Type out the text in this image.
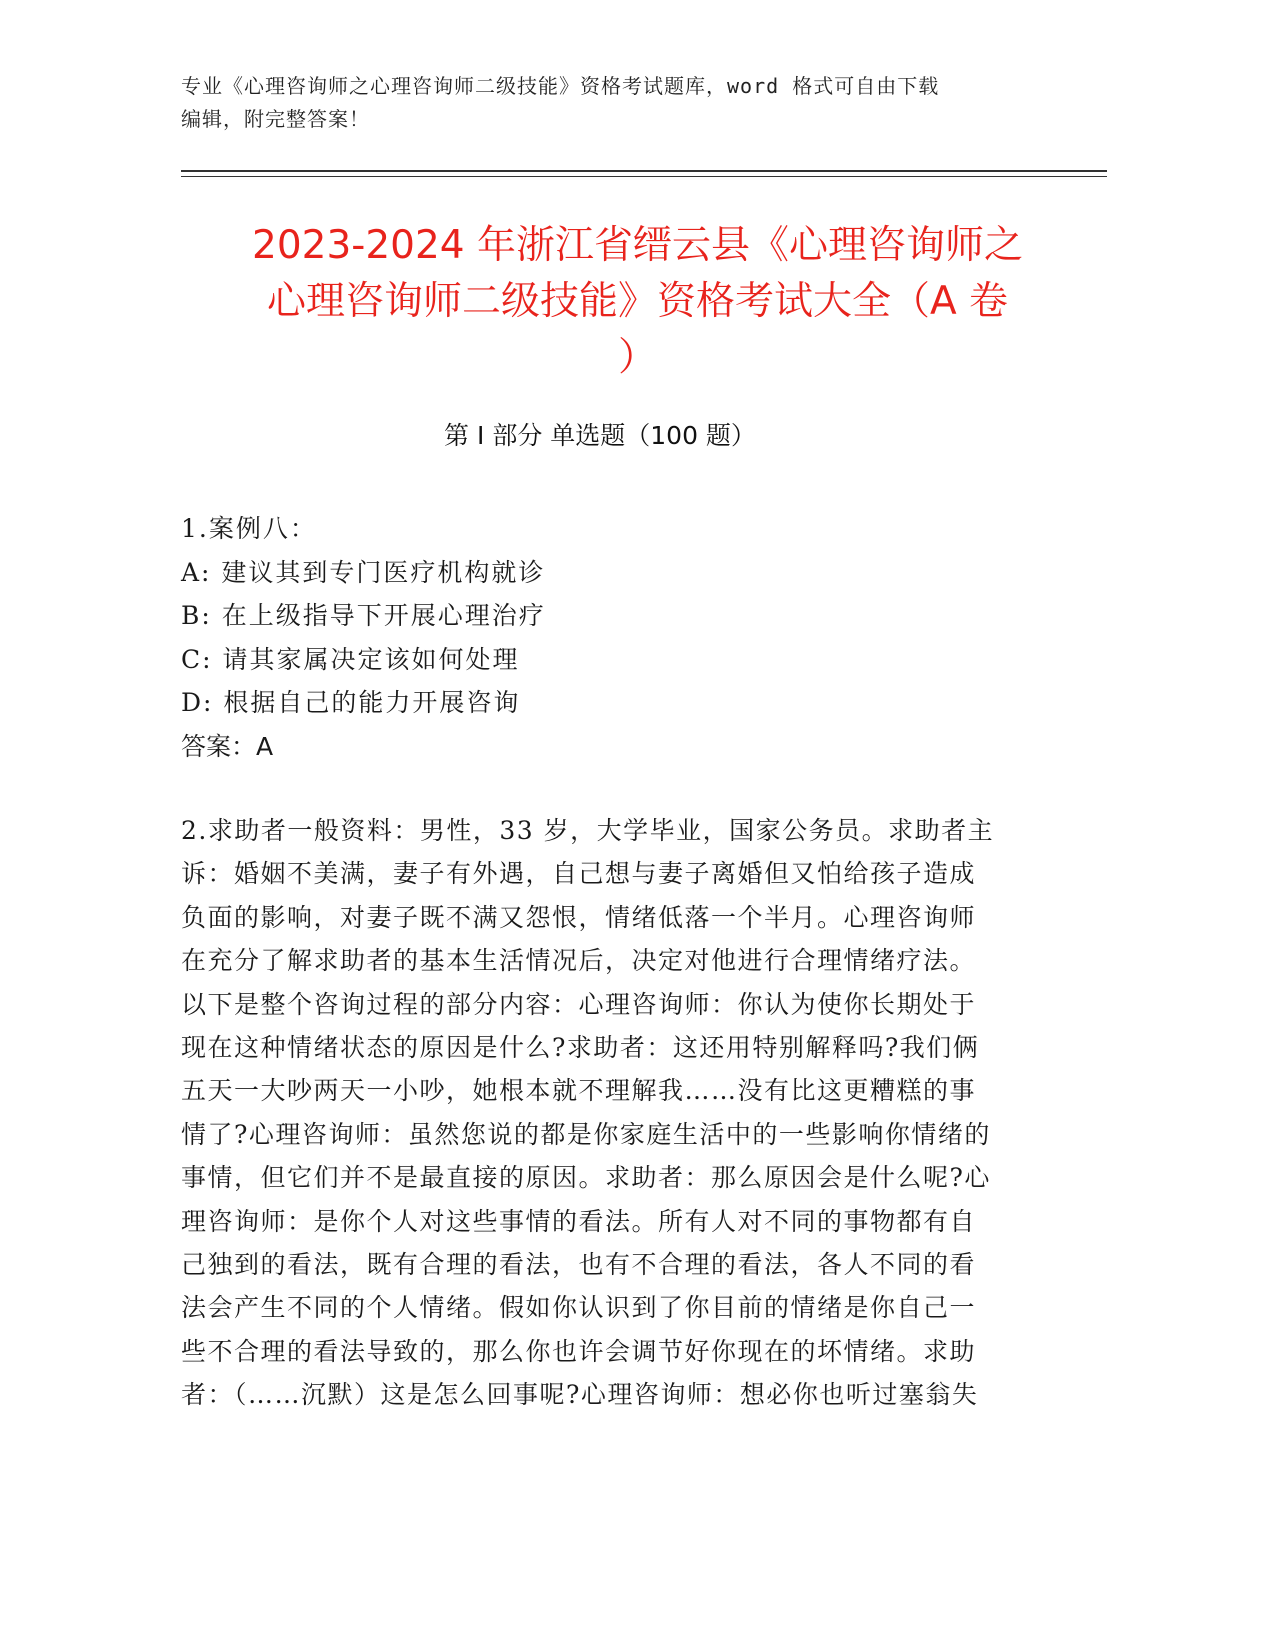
专业《心理咨询师之心理咨询师二级技能》资格考试题库，word 格式可自由下载
编辑，附完整答案！
2023-2024 年浙江省缙云县《心理咨询师之
心理咨询师二级技能》资格考试大全（A 卷
）
第 I 部分 单选题（100 题）
1.案例八：
A: 建议其到专门医疗机构就诊
B: 在上级指导下开展心理治疗
C: 请其家属决定该如何处理
D: 根据自己的能力开展咨询
答案：A
2.求助者一般资料：男性，33 岁，大学毕业，国家公务员。求助者主
诉：婚姻不美满，妻子有外遇，自己想与妻子离婚但又怕给孩子造成
负面的影响，对妻子既不满又怨恨，情绪低落一个半月。心理咨询师
在充分了解求助者的基本生活情况后，决定对他进行合理情绪疗法。
以下是整个咨询过程的部分内容：心理咨询师：你认为使你长期处于
现在这种情绪状态的原因是什么?求助者：这还用特别解释吗?我们俩
五天一大吵两天一小吵，她根本就不理解我……没有比这更糟糕的事
情了?心理咨询师：虽然您说的都是你家庭生活中的一些影响你情绪的
事情，但它们并不是最直接的原因。求助者：那么原因会是什么呢?心
理咨询师：是你个人对这些事情的看法。所有人对不同的事物都有自
己独到的看法，既有合理的看法，也有不合理的看法，各人不同的看
法会产生不同的个人情绪。假如你认识到了你目前的情绪是你自己一
些不合理的看法导致的，那么你也许会调节好你现在的坏情绪。求助
者：（……沉默）这是怎么回事呢?心理咨询师：想必你也听过塞翁失
